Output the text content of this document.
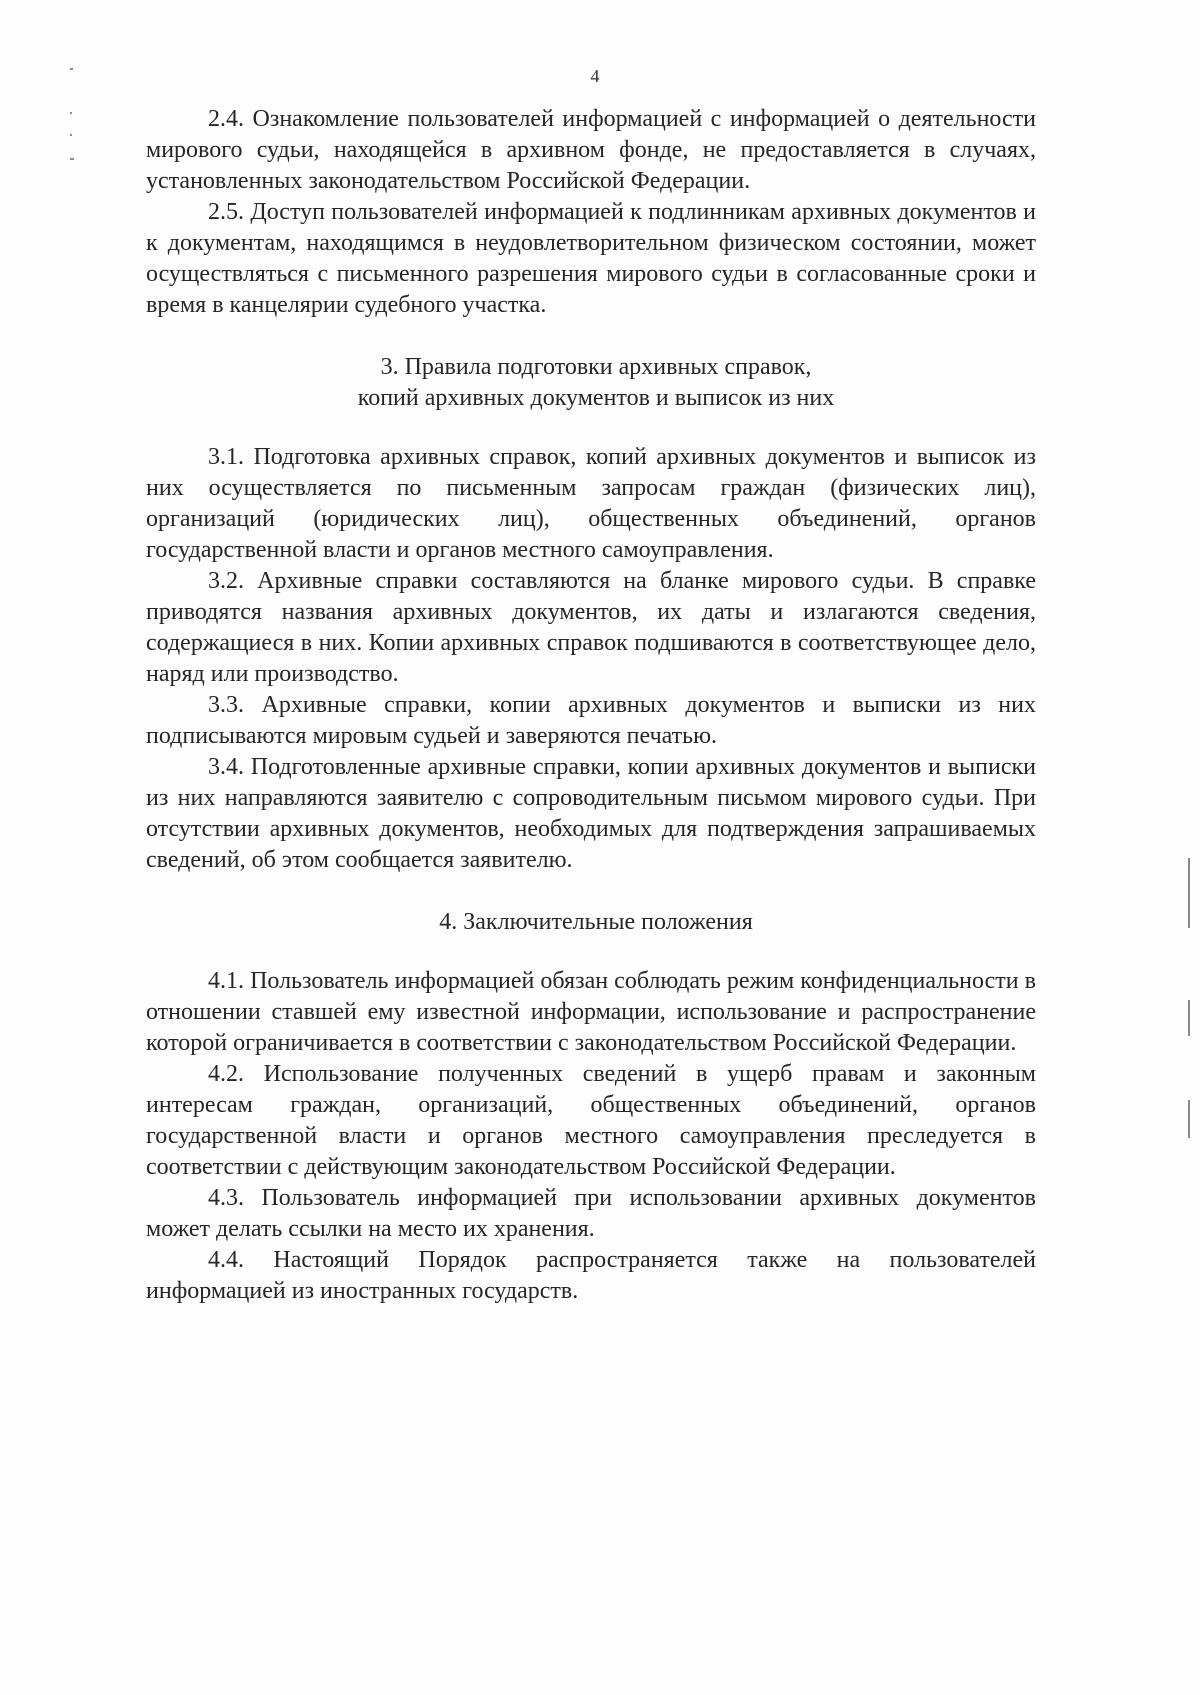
4

2.4. Ознакомление пользователей информацией с информацией о деятельности мирового судьи, находящейся в архивном фонде, не предоставляется в случаях, установленных законодательством Российской Федерации.

2.5. Доступ пользователей информацией к подлинникам архивных документов и к документам, находящимся в неудовлетворительном физическом состоянии, может осуществляться с письменного разрешения мирового судьи в согласованные сроки и время в канцелярии судебного участка.

3. Правила подготовки архивных справок,
копий архивных документов и выписок из них

3.1. Подготовка архивных справок, копий архивных документов и выписок из них осуществляется по письменным запросам граждан (физических лиц), организаций (юридических лиц), общественных объединений, органов государственной власти и органов местного самоуправления.

3.2. Архивные справки составляются на бланке мирового судьи. В справке приводятся названия архивных документов, их даты и излагаются сведения, содержащиеся в них. Копии архивных справок подшиваются в соответствующее дело, наряд или производство.

3.3. Архивные справки, копии архивных документов и выписки из них подписываются мировым судьей и заверяются печатью.

3.4. Подготовленные архивные справки, копии архивных документов и выписки из них направляются заявителю с сопроводительным письмом мирового судьи. При отсутствии архивных документов, необходимых для подтверждения запрашиваемых сведений, об этом сообщается заявителю.

4. Заключительные положения

4.1. Пользователь информацией обязан соблюдать режим конфиденциальности в отношении ставшей ему известной информации, использование и распространение которой ограничивается в соответствии с законодательством Российской Федерации.

4.2. Использование полученных сведений в ущерб правам и законным интересам граждан, организаций, общественных объединений, органов государственной власти и органов местного самоуправления преследуется в соответствии с действующим законодательством Российской Федерации.

4.3. Пользователь информацией при использовании архивных документов может делать ссылки на место их хранения.

4.4. Настоящий Порядок распространяется также на пользователей информацией из иностранных государств.
